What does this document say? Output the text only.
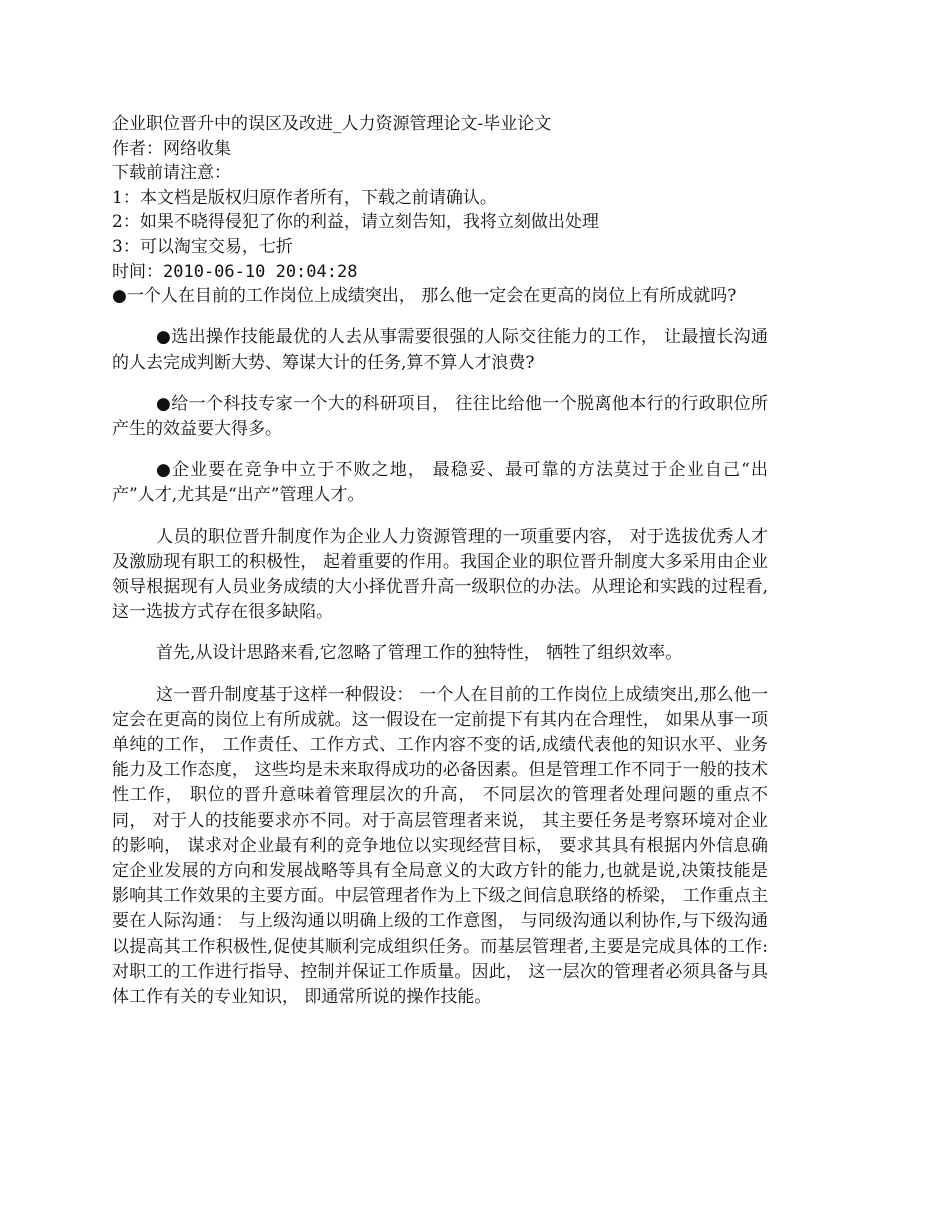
企业职位晋升中的误区及改进_人力资源管理论文-毕业论文
作者：网络收集
下载前请注意：
1：本文档是版权归原作者所有，下载之前请确认。
2：如果不晓得侵犯了你的利益，请立刻告知，我将立刻做出处理
3：可以淘宝交易，七折
时间：2010-06-10 20:04:28

●一个人在目前的工作岗位上成绩突出， 那么他一定会在更高的岗位上有所成就吗?

●选出操作技能最优的人去从事需要很强的人际交往能力的工作， 让最擅长沟通的人去完成判断大势、筹谋大计的任务,算不算人才浪费?

●给一个科技专家一个大的科研项目， 往往比给他一个脱离他本行的行政职位所产生的效益要大得多。

●企业要在竞争中立于不败之地， 最稳妥、最可靠的方法莫过于企业自己“出产”人才,尤其是“出产”管理人才。

人员的职位晋升制度作为企业人力资源管理的一项重要内容， 对于选拔优秀人才及激励现有职工的积极性， 起着重要的作用。我国企业的职位晋升制度大多采用由企业领导根据现有人员业务成绩的大小择优晋升高一级职位的办法。从理论和实践的过程看,这一选拔方式存在很多缺陷。

首先,从设计思路来看,它忽略了管理工作的独特性， 牺牲了组织效率。

这一晋升制度基于这样一种假设： 一个人在目前的工作岗位上成绩突出,那么他一定会在更高的岗位上有所成就。这一假设在一定前提下有其内在合理性， 如果从事一项单纯的工作， 工作责任、工作方式、工作内容不变的话,成绩代表他的知识水平、业务能力及工作态度， 这些均是未来取得成功的必备因素。但是管理工作不同于一般的技术性工作， 职位的晋升意味着管理层次的升高， 不同层次的管理者处理问题的重点不同， 对于人的技能要求亦不同。对于高层管理者来说， 其主要任务是考察环境对企业的影响， 谋求对企业最有利的竞争地位以实现经营目标， 要求其具有根据内外信息确定企业发展的方向和发展战略等具有全局意义的大政方针的能力,也就是说,决策技能是影响其工作效果的主要方面。中层管理者作为上下级之间信息联络的桥梁， 工作重点主要在人际沟通： 与上级沟通以明确上级的工作意图， 与同级沟通以利协作,与下级沟通以提高其工作积极性,促使其顺利完成组织任务。而基层管理者,主要是完成具体的工作:对职工的工作进行指导、控制并保证工作质量。因此， 这一层次的管理者必须具备与具体工作有关的专业知识， 即通常所说的操作技能。
